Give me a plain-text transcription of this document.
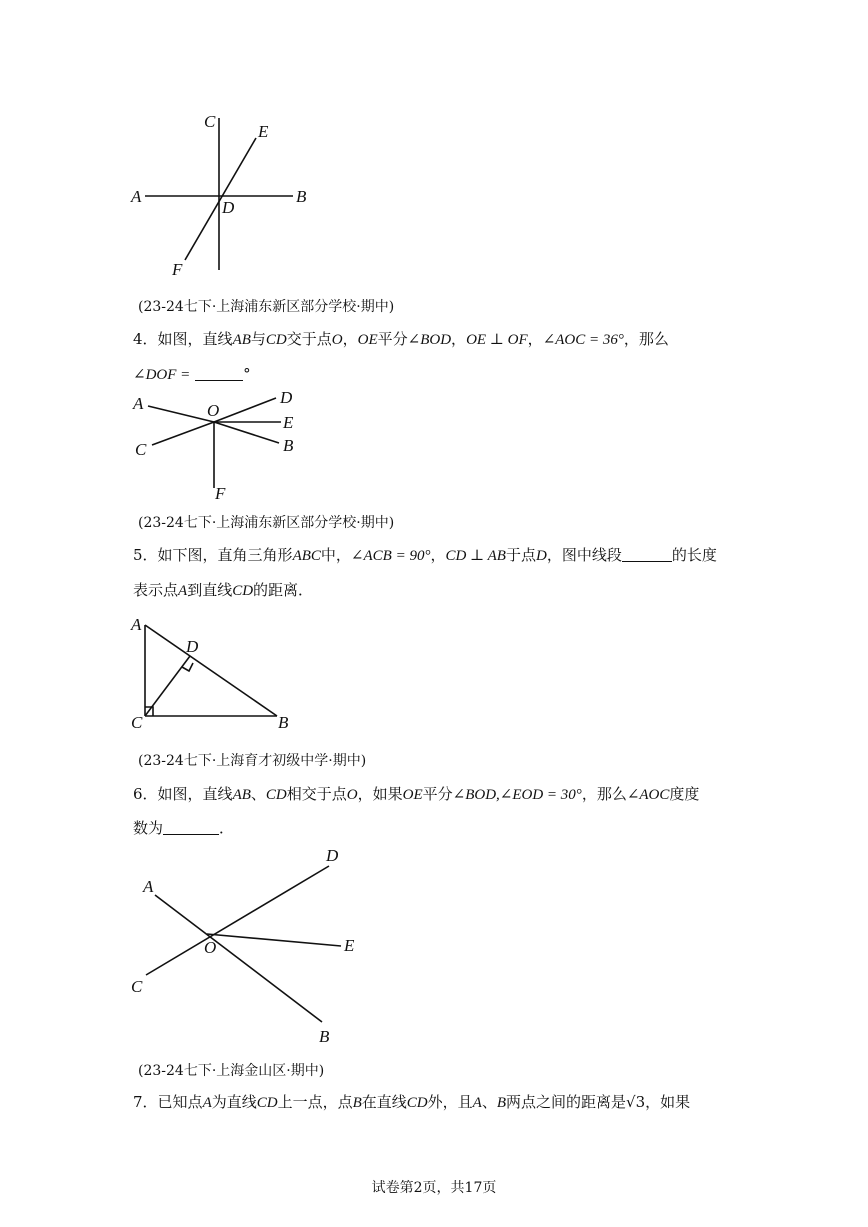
C
E
A
D
B
F
(23-24七下·上海浦东新区部分学校·期中)
4．如图，直线AB与CD交于点O，OE平分∠BOD，OE ⊥ OF，∠AOC = 36°，那么
∠DOF =	°
A	O
D
E
C	B
F
(23-24七下·上海浦东新区部分学校·期中)
5．如下图，直角三角形ABC中，∠ACB = 90°，CD ⊥ AB于点D，图中线段	的长度
表示点A到直线CD的距离．
A
D
C	B
(23-24七下·上海育才初级中学·期中)
6．如图，直线AB、CD相交于点O，如果OE平分∠BOD,∠EOD = 30°，那么∠AOC度度
数为	．
D
A
O	E
C
B
(23-24七下·上海金山区·期中)
7．已知点A为直线CD上一点，点B在直线CD外，且A、B两点之间的距离是√3，如果
试卷第2页，共17页
